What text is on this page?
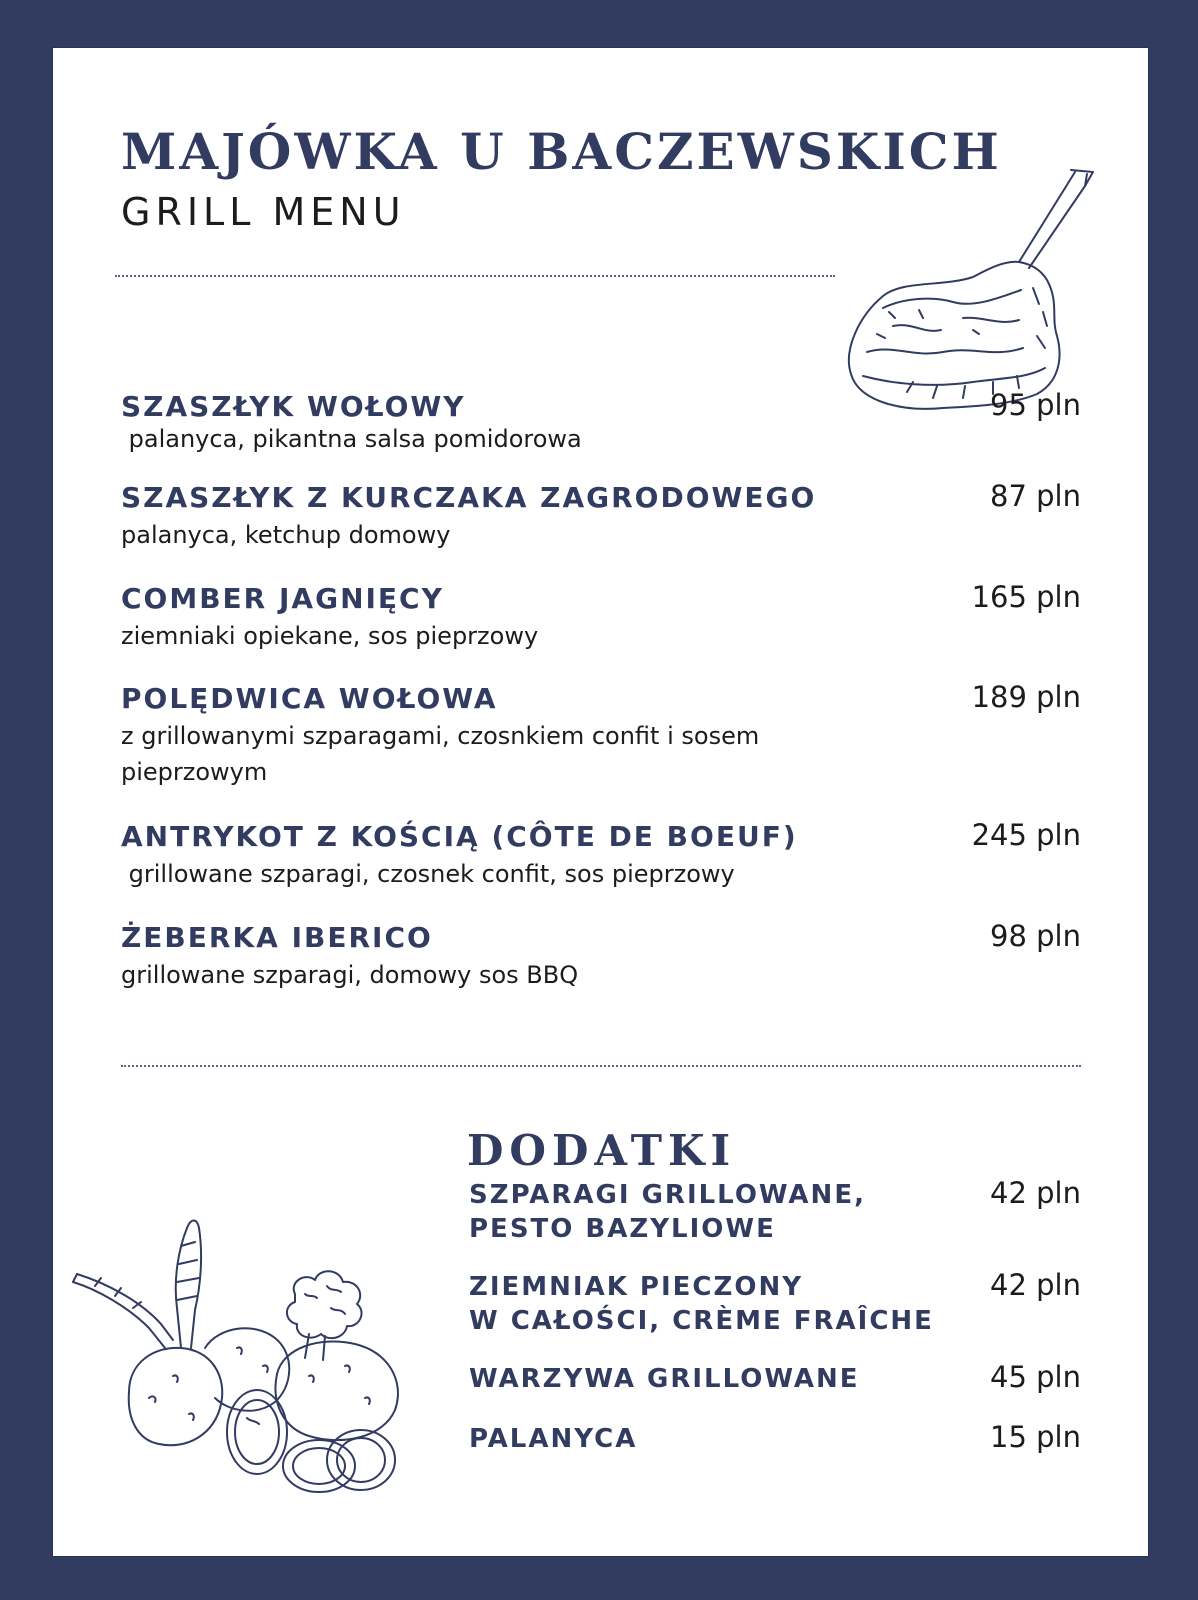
MAJÓWKA U BACZEWSKICH
GRILL MENU
SZASZŁYK WOŁOWY
palanyca, pikantna salsa pomidorowa
95 pln
SZASZŁYK Z KURCZAKA ZAGRODOWEGO
palanyca, ketchup domowy
87 pln
COMBER JAGNIĘCY
ziemniaki opiekane, sos pieprzowy
165 pln
POLĘDWICA WOŁOWA
z grillowanymi szparagami, czosnkiem confit i sosem pieprzowym
189 pln
ANTRYKOT Z KOŚCIĄ (CÔTE DE BOEUF)
grillowane szparagi, czosnek confit, sos pieprzowy
245 pln
ŻEBERKA IBERICO
grillowane szparagi, domowy sos BBQ
98 pln
DODATKI
SZPARAGI GRILLOWANE,
PESTO BAZYLIOWE
42 pln
ZIEMNIAK PIECZONY
W CAŁOŚCI, CRÈME FRAÎCHE
42 pln
WARZYWA GRILLOWANE	45 pln
PALANYCA	15 pln
